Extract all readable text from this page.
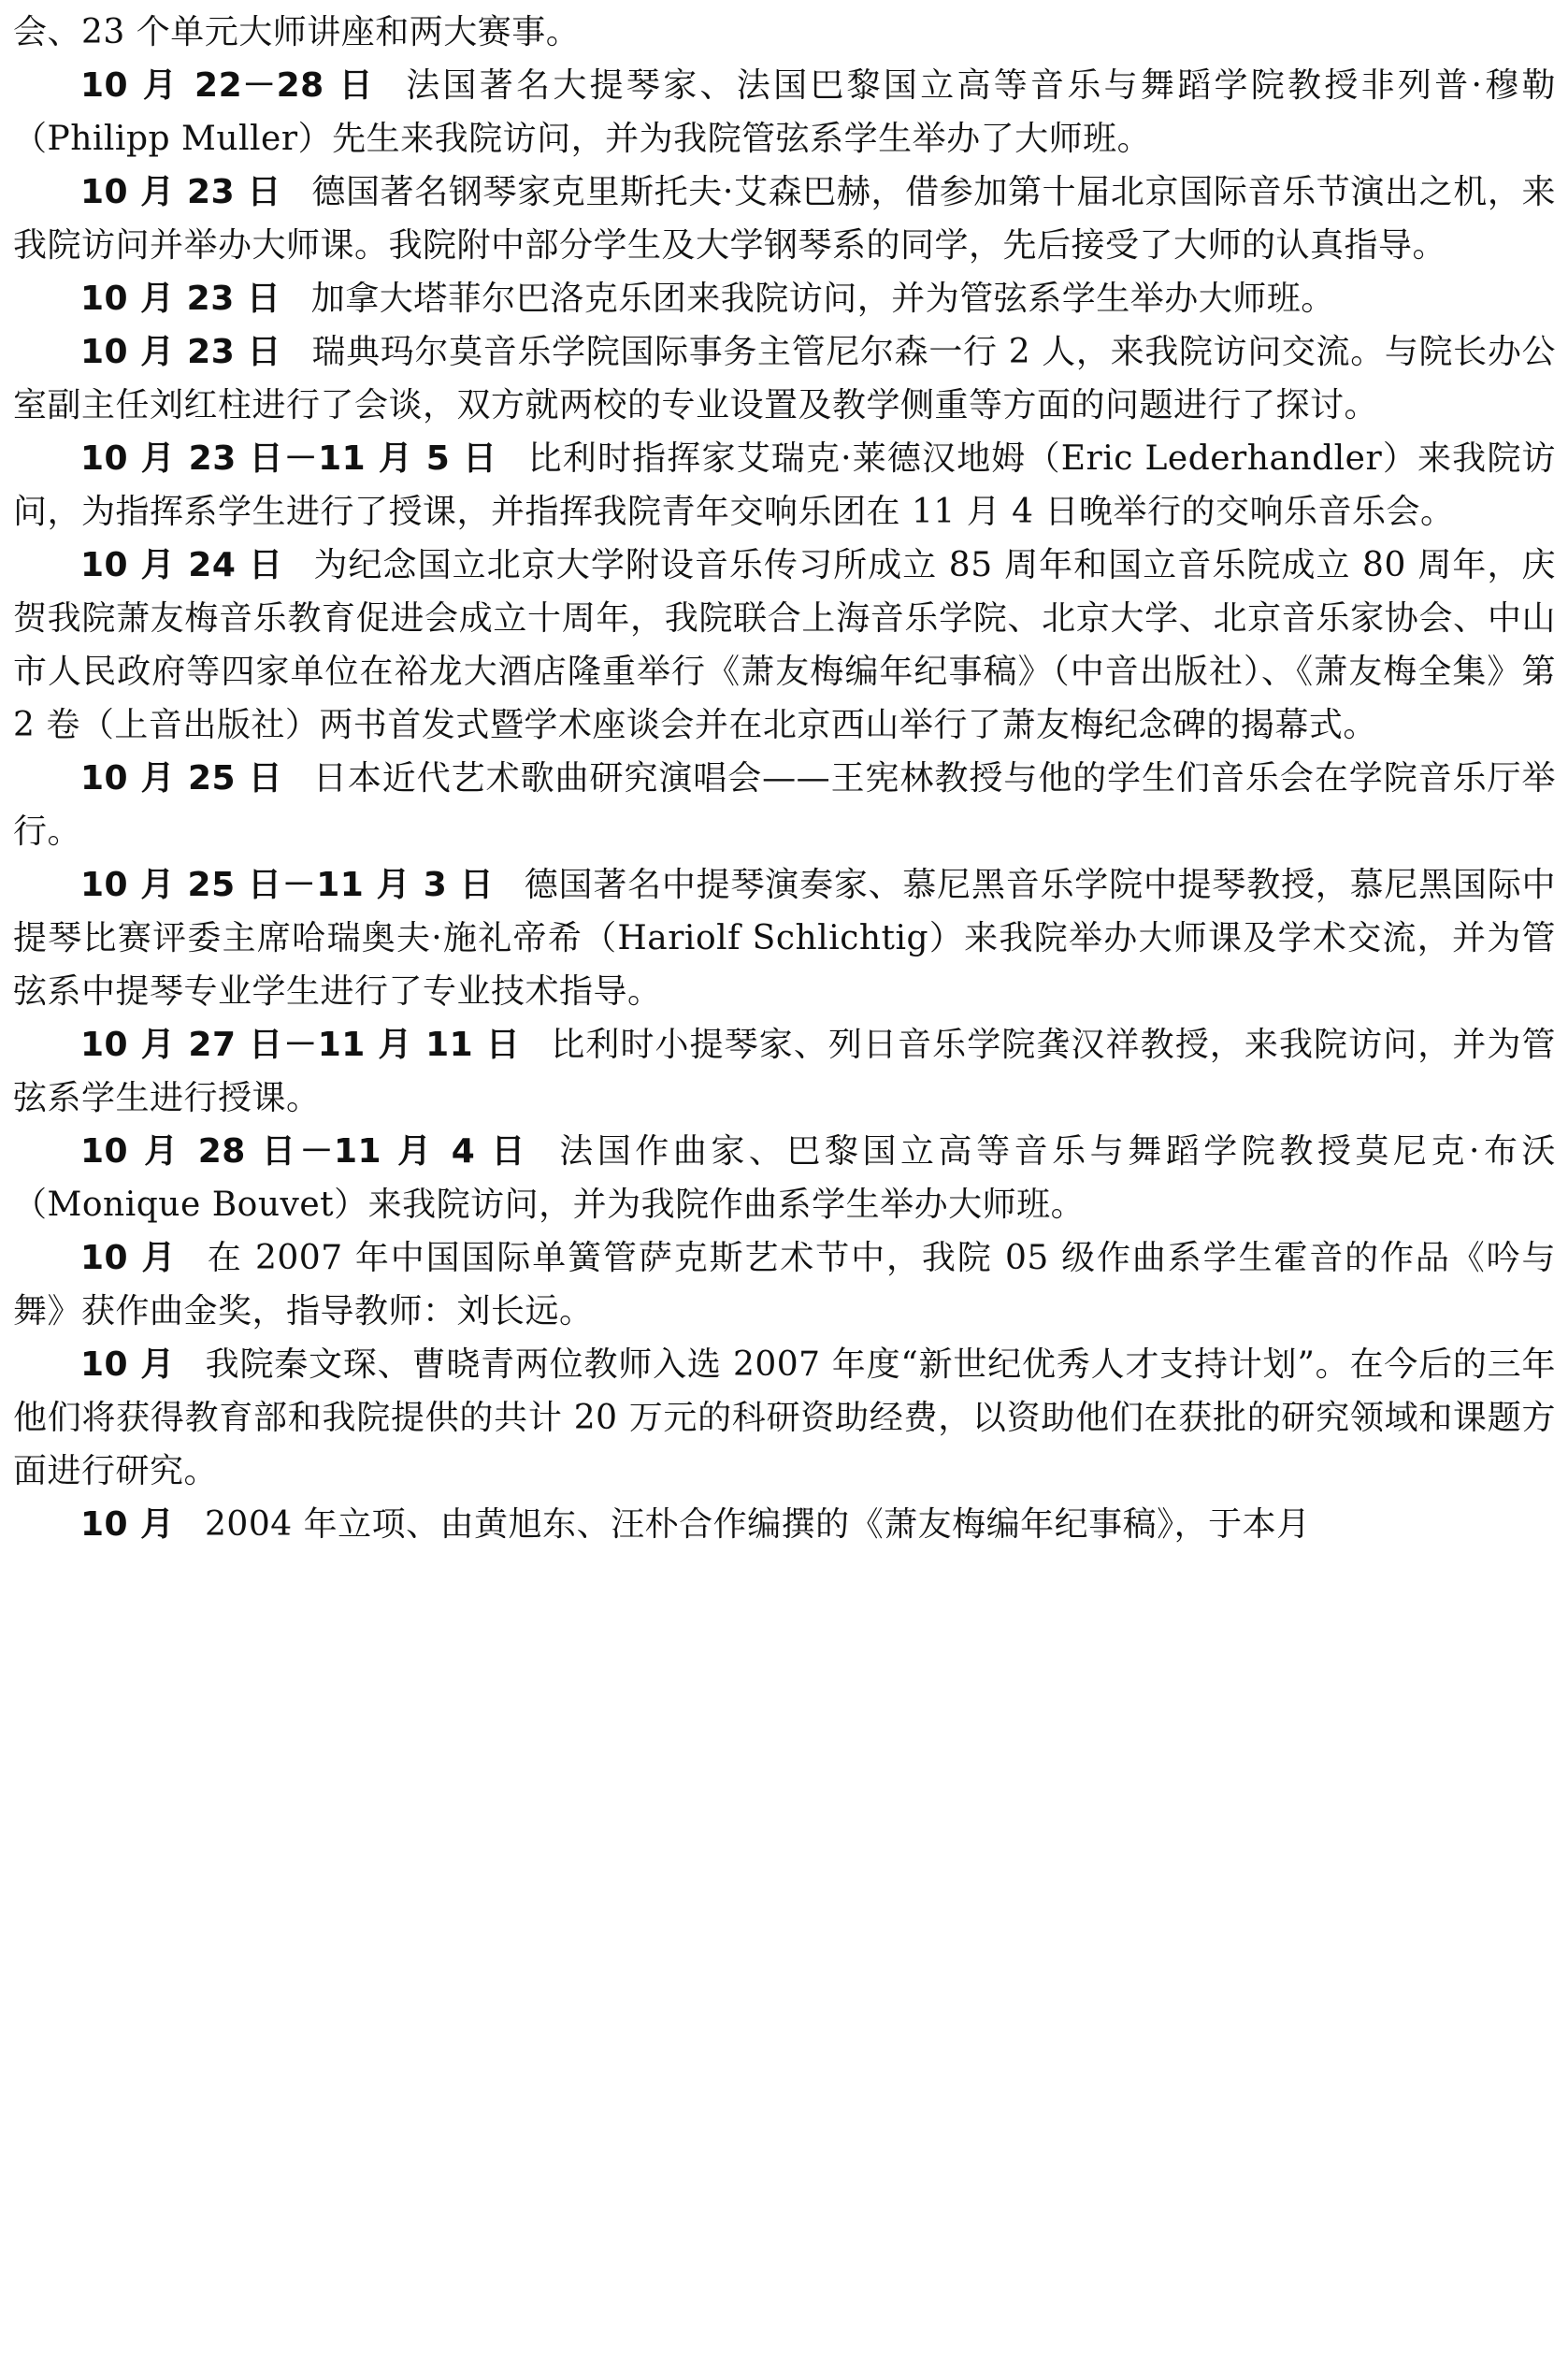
会、23 个单元大师讲座和两大赛事。

10 月 22－28 日 法国著名大提琴家、法国巴黎国立高等音乐与舞蹈学院教授非列普·穆勒（Philipp Muller）先生来我院访问，并为我院管弦系学生举办了大师班。

10 月 23 日 德国著名钢琴家克里斯托夫·艾森巴赫，借参加第十届北京国际音乐节演出之机，来我院访问并举办大师课。我院附中部分学生及大学钢琴系的同学，先后接受了大师的认真指导。

10 月 23 日 加拿大塔菲尔巴洛克乐团来我院访问，并为管弦系学生举办大师班。

10 月 23 日 瑞典玛尔莫音乐学院国际事务主管尼尔森一行 2 人，来我院访问交流。与院长办公室副主任刘红柱进行了会谈，双方就两校的专业设置及教学侧重等方面的问题进行了探讨。

10 月 23 日－11 月 5 日 比利时指挥家艾瑞克·莱德汉地姆（Eric Lederhandler）来我院访问，为指挥系学生进行了授课，并指挥我院青年交响乐团在 11 月 4 日晚举行的交响乐音乐会。

10 月 24 日 为纪念国立北京大学附设音乐传习所成立 85 周年和国立音乐院成立 80 周年，庆贺我院萧友梅音乐教育促进会成立十周年，我院联合上海音乐学院、北京大学、北京音乐家协会、中山市人民政府等四家单位在裕龙大酒店隆重举行《萧友梅编年纪事稿》（中音出版社）、《萧友梅全集》第 2 卷（上音出版社）两书首发式暨学术座谈会并在北京西山举行了萧友梅纪念碑的揭幕式。

10 月 25 日 日本近代艺术歌曲研究演唱会——王宪林教授与他的学生们音乐会在学院音乐厅举行。

10 月 25 日－11 月 3 日 德国著名中提琴演奏家、慕尼黑音乐学院中提琴教授，慕尼黑国际中提琴比赛评委主席哈瑞奥夫·施礼帝希（Hariolf Schlichtig）来我院举办大师课及学术交流，并为管弦系中提琴专业学生进行了专业技术指导。

10 月 27 日－11 月 11 日 比利时小提琴家、列日音乐学院龚汉祥教授，来我院访问，并为管弦系学生进行授课。

10 月 28 日－11 月 4 日 法国作曲家、巴黎国立高等音乐与舞蹈学院教授莫尼克·布沃（Monique Bouvet）来我院访问，并为我院作曲系学生举办大师班。

10 月 在 2007 年中国国际单簧管萨克斯艺术节中，我院 05 级作曲系学生霍音的作品《吟与舞》获作曲金奖，指导教师：刘长远。

10 月 我院秦文琛、曹晓青两位教师入选 2007 年度“新世纪优秀人才支持计划”。在今后的三年他们将获得教育部和我院提供的共计 20 万元的科研资助经费，以资助他们在获批的研究领域和课题方面进行研究。

10 月 2004 年立项、由黄旭东、汪朴合作编撰的《萧友梅编年纪事稿》，于本月
